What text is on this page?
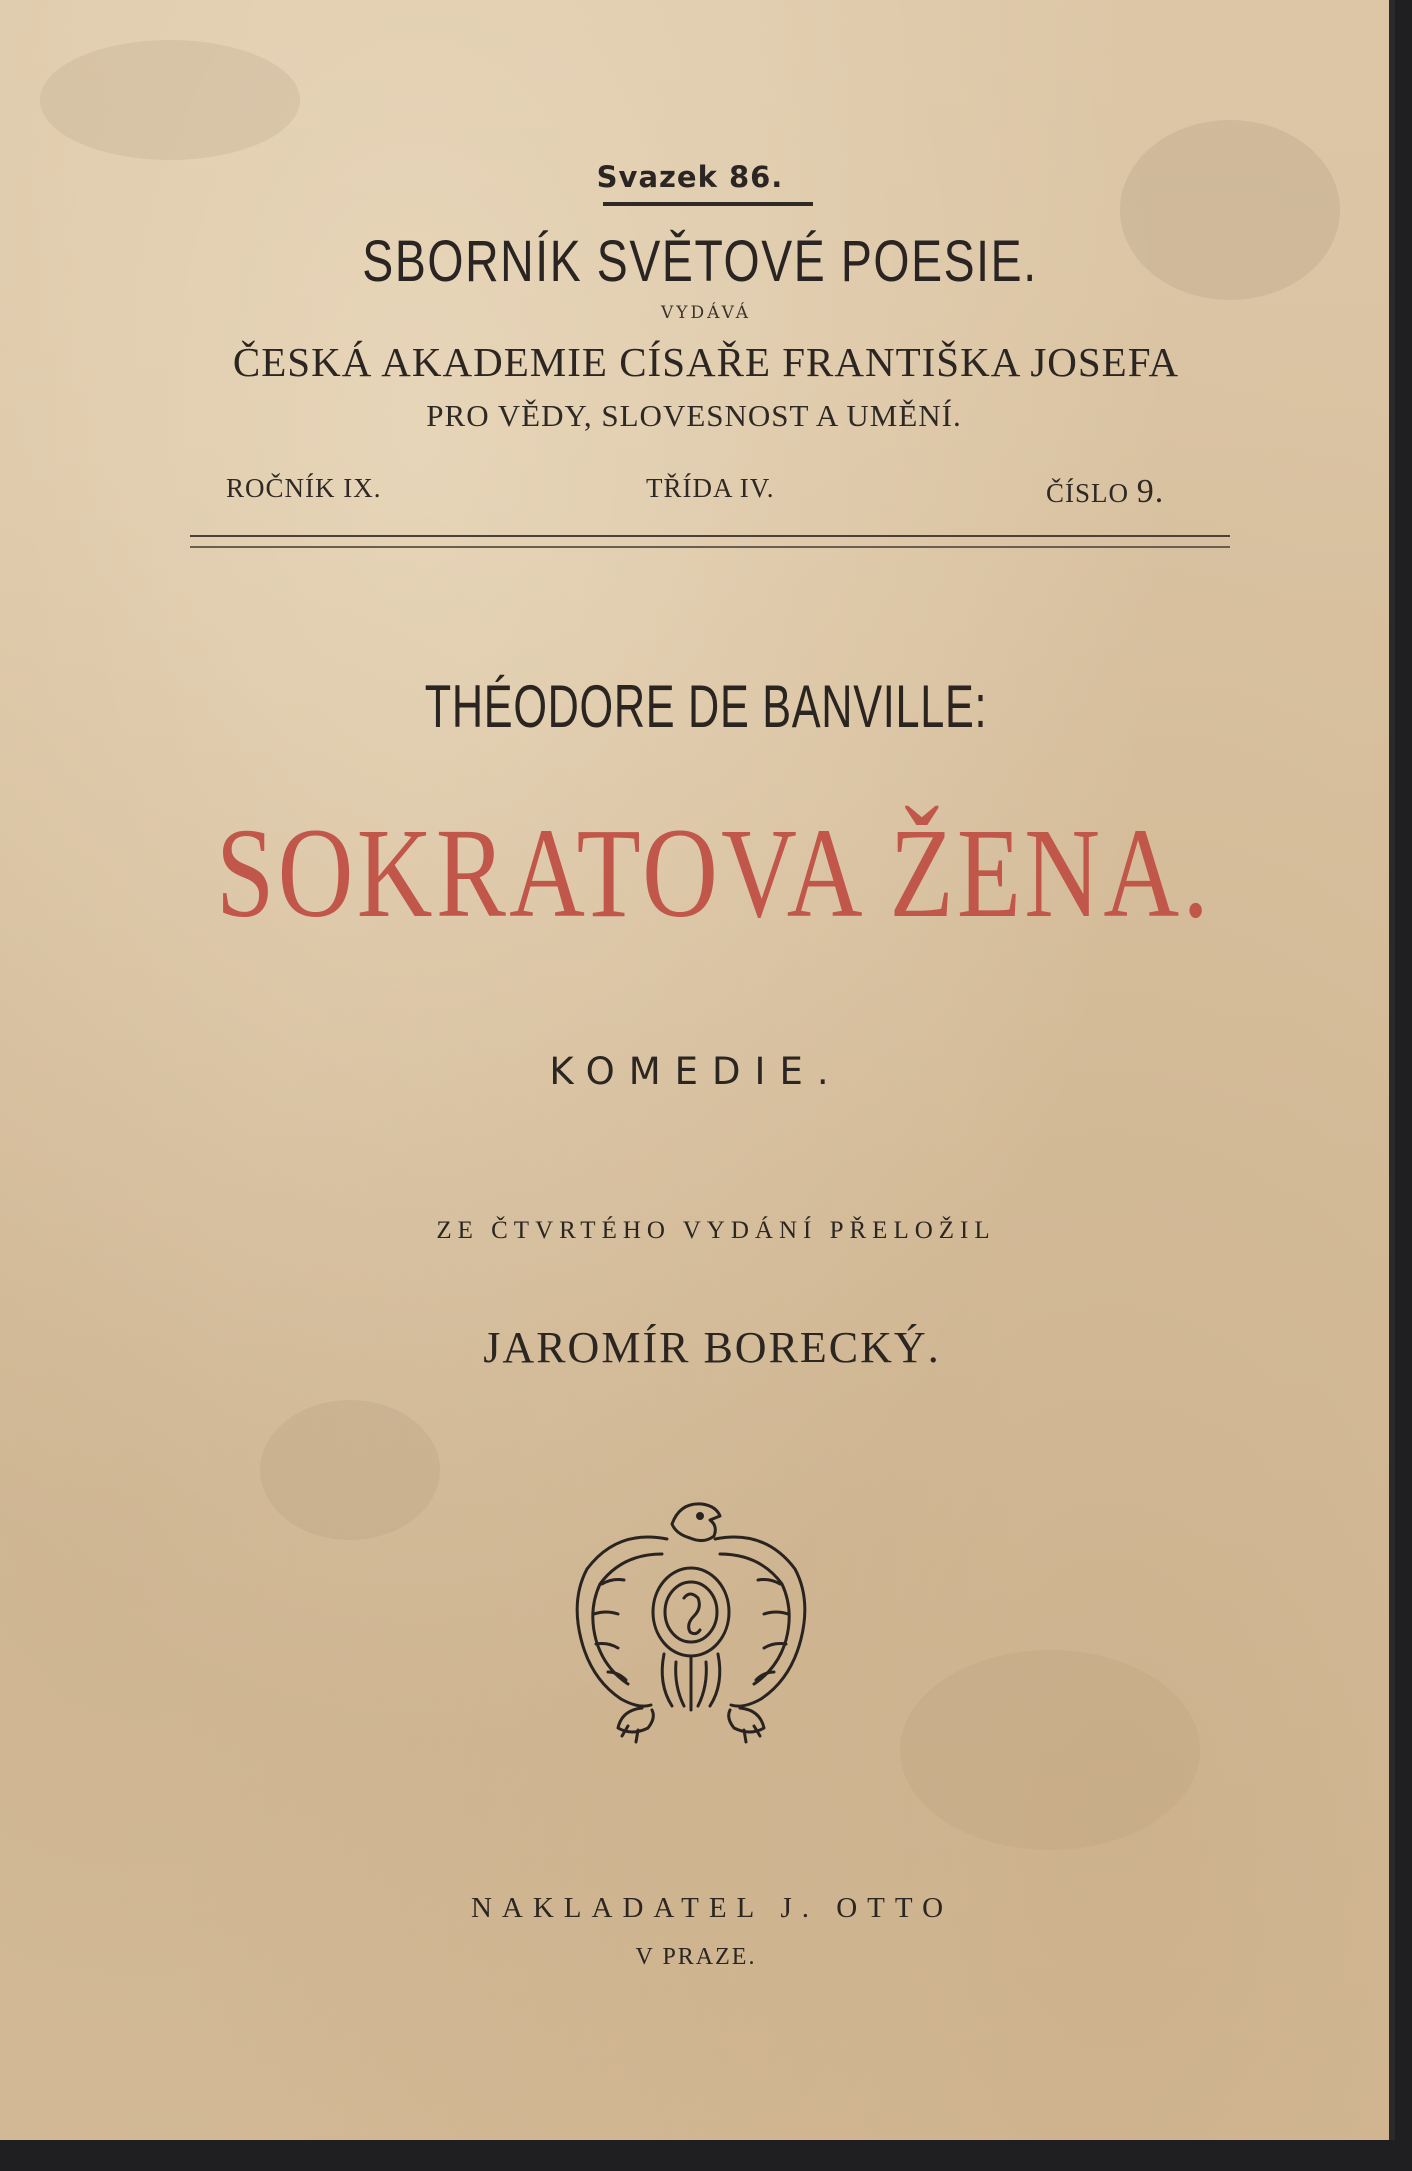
Svazek 86.

SBORNÍK SVĚTOVÉ POESIE.

VYDÁVÁ

ČESKÁ AKADEMIE CÍSAŘE FRANTIŠKA JOSEFA

PRO VĚDY, SLOVESNOST A UMĚNÍ.

ROČNÍK IX.	TŘÍDA IV.	ČÍSLO 9.

THÉODORE DE BANVILLE:

SOKRATOVA ŽENA.

KOMEDIE.

ZE ČTVRTÉHO VYDÁNÍ PŘELOŽIL

JAROMÍR BORECKÝ.

NAKLADATEL J. OTTO

V PRAZE.
